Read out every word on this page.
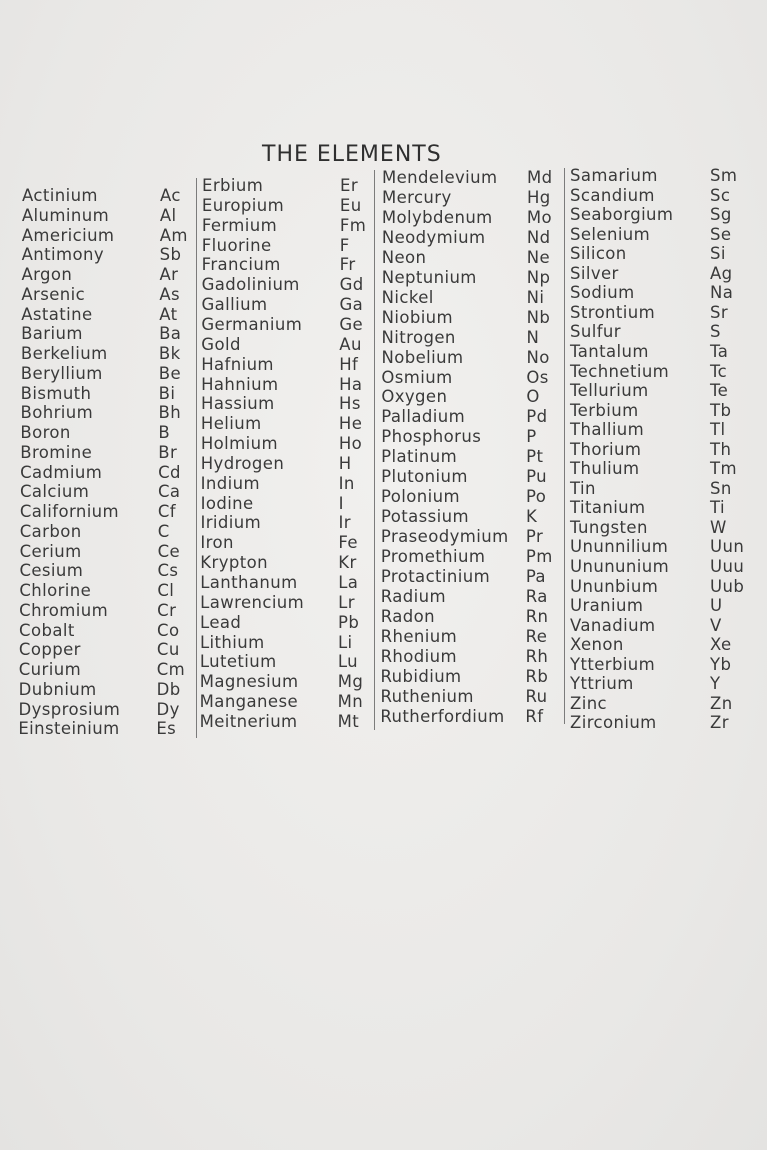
THE ELEMENTS
Actinium	Ac
Aluminum	Al
Americium	Am
Antimony	Sb
Argon	Ar
Arsenic	As
Astatine	At
Barium	Ba
Berkelium	Bk
Beryllium	Be
Bismuth	Bi
Bohrium	Bh
Boron	B
Bromine	Br
Cadmium	Cd
Calcium	Ca
Californium Cf
Carbon	C
Cerium	Ce
Cesium	Cs
Chlorine	Cl
Chromium	Cr
Cobalt	Co
Copper	Cu
Curium	Cm
Dubnium	Db
Dysprosium Dy
Einsteinium Es
Erbium	Er
Europium	Eu
Fermium	Fm
Fluorine	F
Francium	Fr
Gadolinium Gd
Gallium	Ga
Germanium Ge
Gold	Au
Hafnium	Hf
Hahnium	Ha
Hassium	Hs
Helium	He
Holmium	Ho
Hydrogen	H
Indium	In
Iodine	I
Iridium	Ir
Iron	Fe
Krypton	Kr
Lanthanum La
Lawrencium Lr
Lead	Pb
Lithium	Li
Lutetium	Lu
Magnesium Mg
Manganese Mn
Meitnerium Mt
Mendelevium Md
Mercury	Hg
Molybdenum Mo
Neodymium	Nd
Neon	Ne
Neptunium	Np
Nickel	Ni
Niobium	Nb
Nitrogen	N
Nobelium	No
Osmium	Os
Oxygen	O
Palladium	Pd
Phosphorus	P
Platinum	Pt
Plutonium	Pu
Polonium	Po
Potassium	K
Praseodymium Pr
Promethium Pm
Protactinium Pa
Radium	Ra
Radon	Rn
Rhenium	Re
Rhodium	Rh
Rubidium	Rb
Ruthenium	Ru
Rutherfordium Rf
Samarium	Sm
Scandium	Sc
Seaborgium Sg
Selenium	Se
Silicon	Si
Silver	Ag
Sodium	Na
Strontium	Sr
Sulfur	S
Tantalum	Ta
Technetium Tc
Tellurium	Te
Terbium	Tb
Thallium	Tl
Thorium	Th
Thulium	Tm
Tin	Sn
Titanium	Ti
Tungsten	W
Ununnilium	Uun
Unununium Uuu
Ununbium	Uub
Uranium	U
Vanadium	V
Xenon	Xe
Ytterbium	Yb
Yttrium	Y
Zinc	Zn
Zirconium	Zr
